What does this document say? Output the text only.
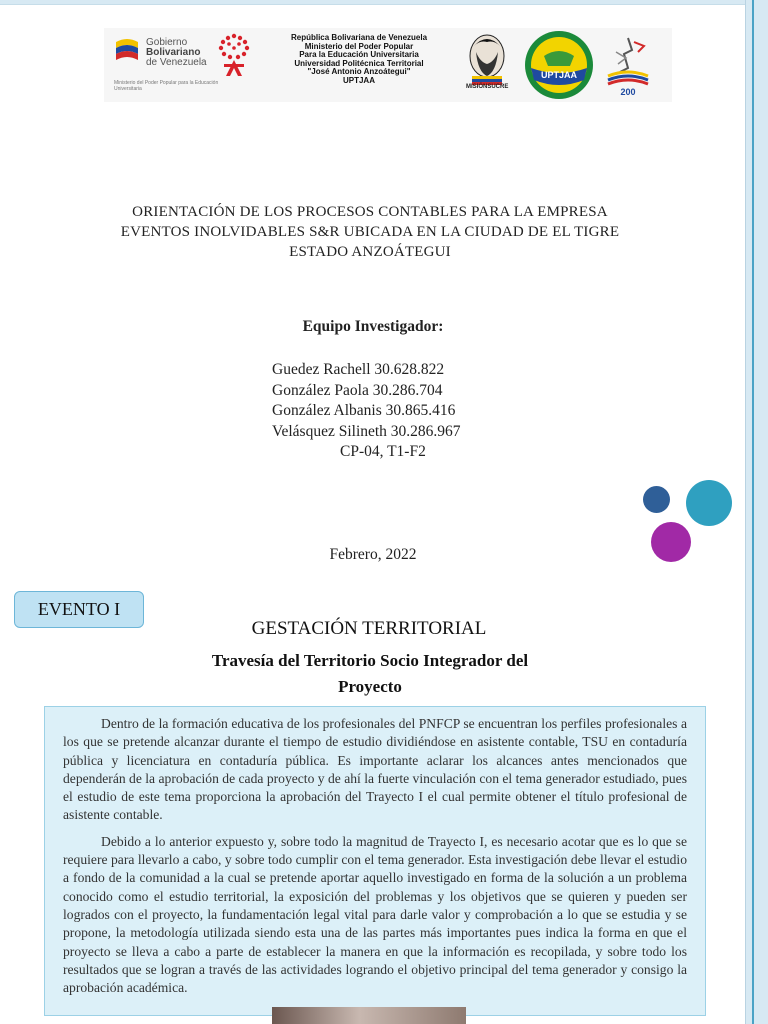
Gobierno
Bolivariano
de Venezuela
Ministerio del Poder Popular para la Educación Universitaria
República Bolivariana de Venezuela
Ministerio del Poder Popular
Para la Educación Universitaria
Universidad Politécnica Territorial
"José Antonio Anzoátegui"
UPTJAA
MISIÓNSUCRE
UPTJAA
200
ORIENTACIÓN DE LOS PROCESOS CONTABLES PARA LA EMPRESA
EVENTOS INOLVIDABLES S&R UBICADA EN LA CIUDAD DE EL TIGRE
ESTADO ANZOÁTEGUI
Equipo Investigador:
Guedez Rachell 30.628.822
González Paola 30.286.704
González Albanis 30.865.416
Velásquez Silineth 30.286.967
CP-04, T1-F2
Febrero, 2022
EVENTO I
GESTACIÓN TERRITORIAL
Travesía del Territorio Socio Integrador del Proyecto

Dentro de la formación educativa de los profesionales del PNFCP se encuentran los perfiles profesionales a los que se pretende alcanzar durante el tiempo de estudio dividiéndose en asistente contable, TSU en contaduría pública y licenciatura en contaduría pública. Es importante aclarar los alcances antes mencionados que dependerán de la aprobación de cada proyecto y de ahí la fuerte vinculación con el tema generador estudiado, pues el estudio de este tema proporciona la aprobación del Trayecto I el cual permite obtener el título profesional de asistente contable.

Debido a lo anterior expuesto y, sobre todo la magnitud de Trayecto I, es necesario acotar que es lo que se requiere para llevarlo a cabo, y sobre todo cumplir con el tema generador. Esta investigación debe llevar el estudio a fondo de la comunidad a la cual se pretende aportar aquello investigado en forma de la solución a un problema conocido como el estudio territorial, la exposición del problemas y los objetivos que se quieren y pueden ser logrados con el proyecto, la fundamentación legal vital para darle valor y comprobación a lo que se estudia y se propone, la metodología utilizada siendo esta una de las partes más importantes pues indica la forma en que el proyecto se lleva a cabo a parte de establecer la manera en que la información es recopilada, y sobre todo los resultados que se logran a través de las actividades logrando el objetivo principal del tema generador y consigo la aprobación académica.
